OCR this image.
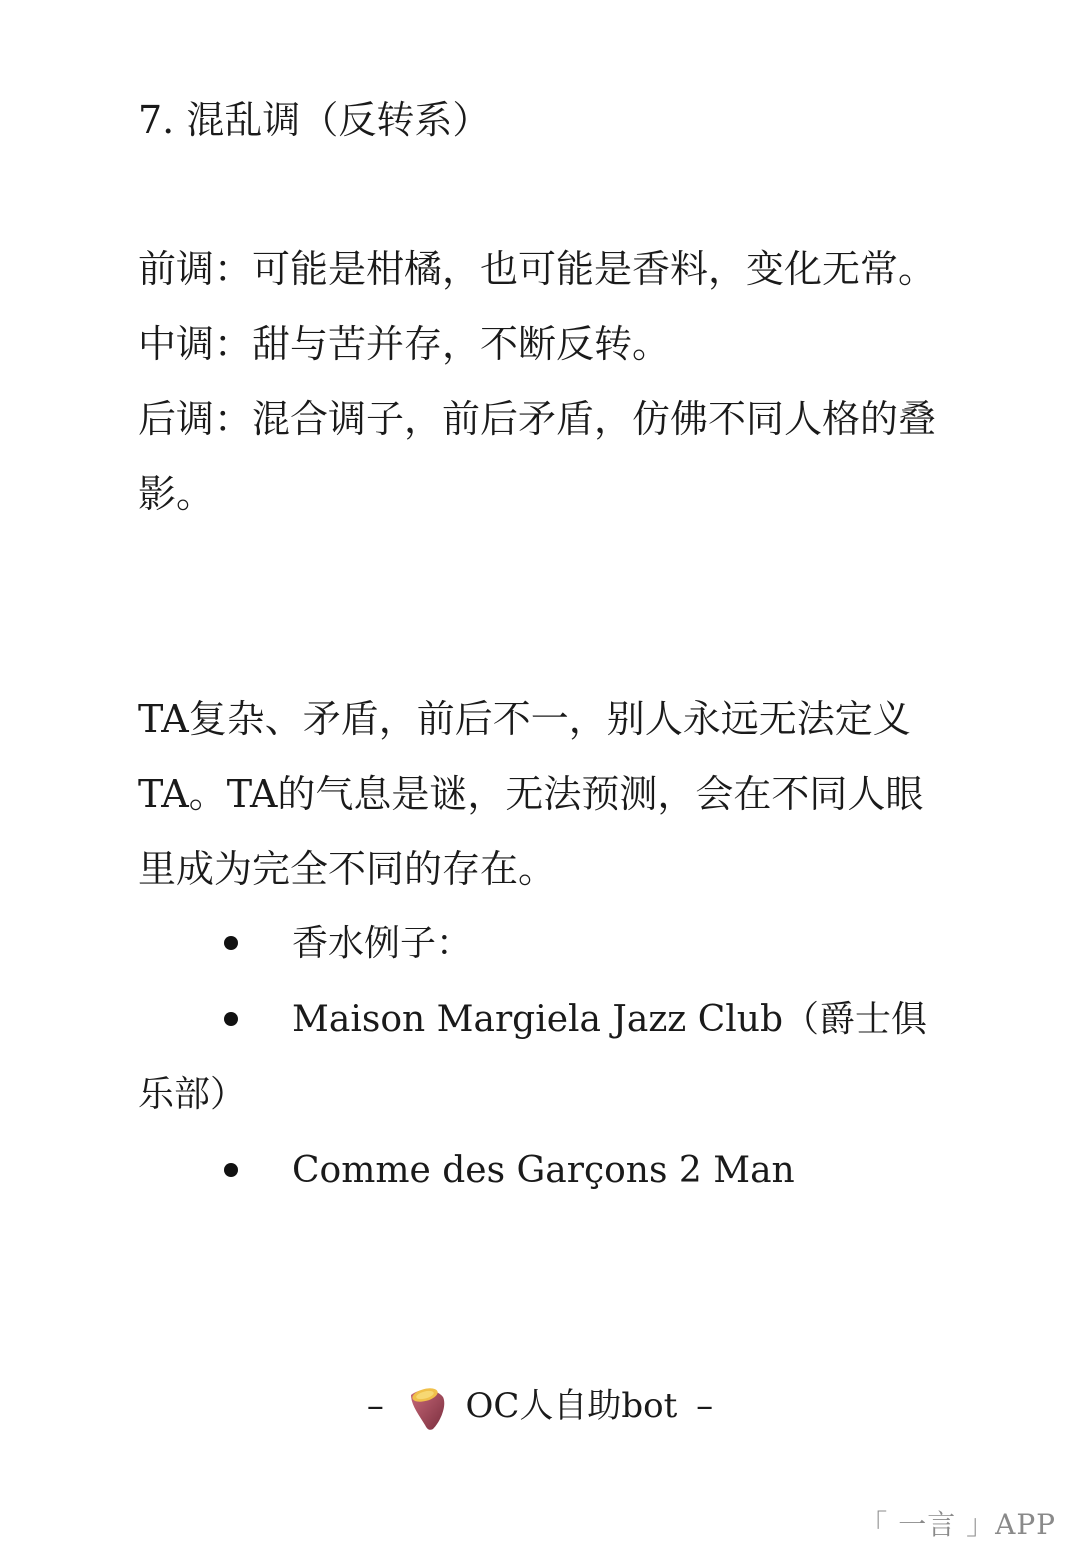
7. 混乱调（反转系）
前调：可能是柑橘，也可能是香料，变化无常。
中调：甜与苦并存，不断反转。
后调：混合调子，前后矛盾，仿佛不同人格的叠影。
TA复杂、矛盾，前后不一，别人永远无法定义TA。TA的气息是谜，无法预测，会在不同人眼里成为完全不同的存在。
香水例子：
Maison Margiela Jazz Club（爵士俱乐部）
Comme des Garçons 2 Man
– OC人自助bot –
「 一言 」APP
